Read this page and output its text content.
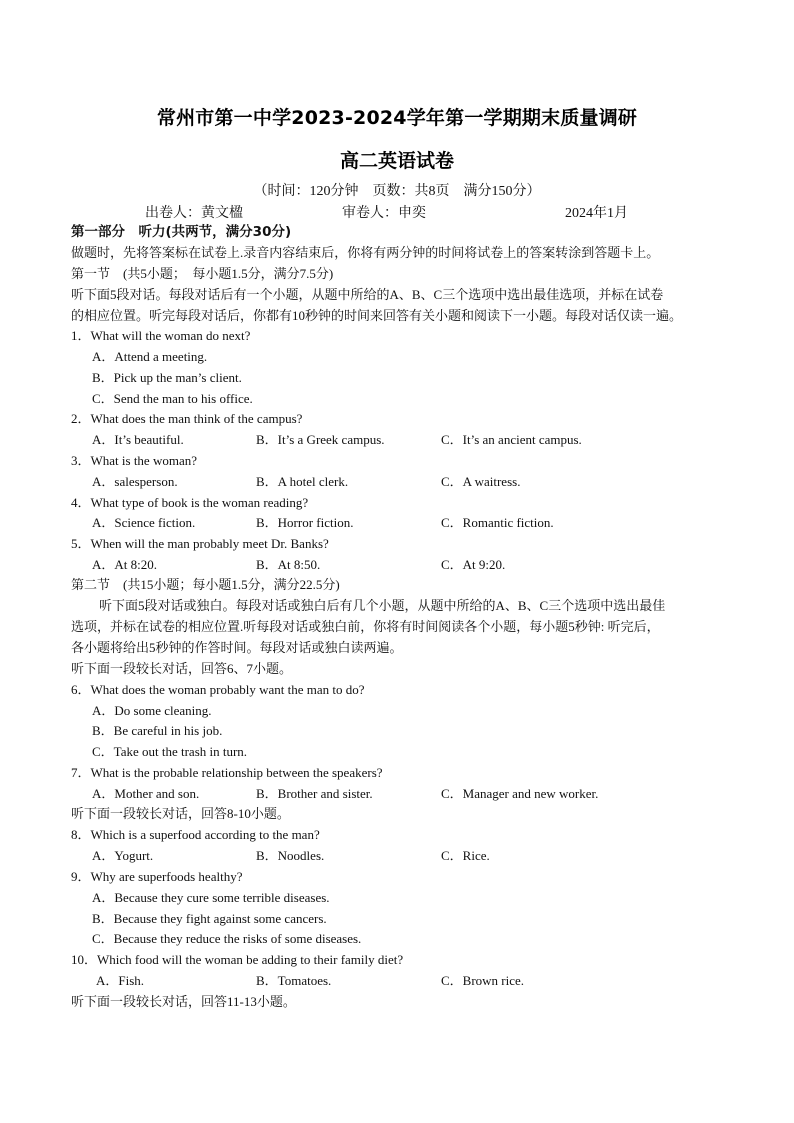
常州市第一中学2023-2024学年第一学期期末质量调研
高二英语试卷
（时间：120分钟　页数：共8页　满分150分）
出卷人：黄文楹	审卷人：申奕	2024年1月
第一部分　听力(共两节，满分30分)
做题时，先将答案标在试卷上.录音内容结束后，你将有两分钟的时间将试卷上的答案转涂到答题卡上。
第一节　(共5小题；　每小题1.5分，满分7.5分)
听下面5段对话。每段对话后有一个小题，从题中所给的A、B、C三个选项中选出最佳选项，并标在试卷
的相应位置。听完每段对话后，你都有10秒钟的时间来回答有关小题和阅读下一小题。每段对话仅读一遍。
1．What will the woman do next?
A．Attend a meeting.
B．Pick up the man’s client.
C．Send the man to his office.
2．What does the man think of the campus?
A．It’s beautiful.	B．It’s a Greek campus.	C．It’s an ancient campus.
3．What is the woman?
A．salesperson.	B．A hotel clerk.	C．A waitress.
4．What type of book is the woman reading?
A．Science fiction.	B．Horror fiction.	C．Romantic fiction.
5．When will the man probably meet Dr. Banks?
A．At 8:20.	B．At 8:50.	C．At 9:20.
第二节　(共15小题；每小题1.5分，满分22.5分)
听下面5段对话或独白。每段对话或独白后有几个小题，从题中所给的A、B、C三个选项中选出最佳
选项，并标在试卷的相应位置.听每段对话或独白前，你将有时间阅读各个小题，每小题5秒钟: 听完后，
各小题将给出5秒钟的作答时间。每段对话或独白读两遍。
听下面一段较长对话，回答6、7小题。
6．What does the woman probably want the man to do?
A．Do some cleaning.
B．Be careful in his job.
C．Take out the trash in turn.
7．What is the probable relationship between the speakers?
A．Mother and son.	B．Brother and sister.	C．Manager and new worker.
听下面一段较长对话，回答8-10小题。
8．Which is a superfood according to the man?
A．Yogurt.	B．Noodles.	C．Rice.
9．Why are superfoods healthy?
A．Because they cure some terrible diseases.
B．Because they fight against some cancers.
C．Because they reduce the risks of some diseases.
10．Which food will the woman be adding to their family diet?
A．Fish.	B．Tomatoes.	C．Brown rice.
听下面一段较长对话，回答11-13小题。
